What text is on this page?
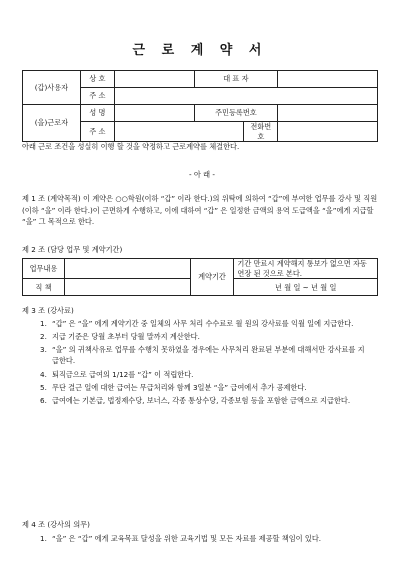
근 로 계 약 서
(갑)사용자	상 호		대 표 자		
	주 소				
(을)근로자	성 명		주민등록번호		
	주 소			전화번호	
아래 근로 조건을 성실히 이행 할 것을 약정하고 근로계약를 체결한다.
- 아 래 -
제 1 조 (계약목적) 이 계약은 ○○학원(이하 “갑” 이라 한다.)의 위탁에 의하여 “갑”에 부여한 업무를 강사 및 직원(이하 “을” 이라 한다.)이 근면하게 수행하고, 이에 대하여 “갑” 은 일정한 금액의 용역 도급액을 “을”에게 지급할 “을” 그 목적으로 한다.
제 2 조 (담당 업무 및 계약기간)
업무내용		계약기간	기간 만료시 계약해지 통보가 없으면 자동 연장 된 것으로 본다.
직 책			년 월 일 ~ 년 월 일
제 3 조 (강사료)
1. “갑” 은 “을” 에게 계약기간 중 일체의 사무 처리 수수료로 월 원의 강사료를 익월 일에 지급한다.
2. 지급 기준은 당월 초부터 당월 말까지 계산한다.
3. “을” 의 귀책사유로 업무를 수행치 못하였을 경우에는 사무처리 완료된 부분에 대해서만 강사료를 지급한다.
4. 퇴직금으로 급여의 1/12를 “갑” 이 적립한다.
5. 무단 결근 일에 대한 급여는 무급처리와 함께 3일분 “을” 급여에서 추가 공제한다.
6. 급여에는 기본급, 법정제수당, 보너스, 각종 통상수당, 각종보험 등을 포함한 금액으로 지급한다.
제 4 조 (강사의 의무)
1. “을” 은 “갑” 에게 교육목표 달성을 위한 교육기법 및 모든 자료를 제공할 책임이 있다.
